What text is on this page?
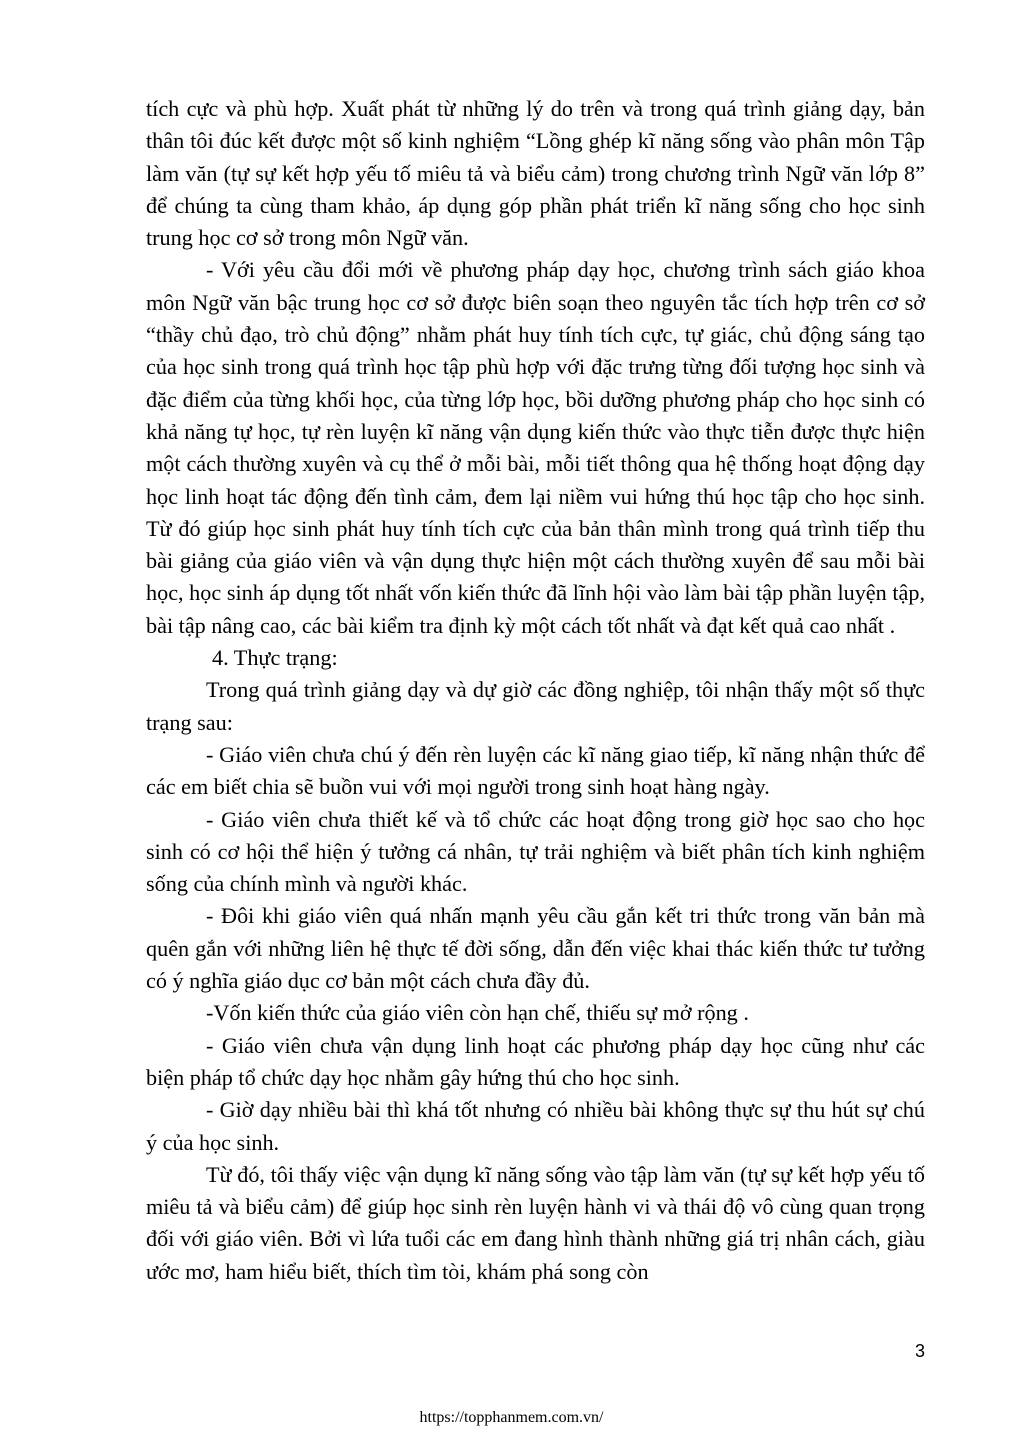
tích cực và phù hợp. Xuất phát từ những lý do trên và trong quá trình giảng dạy, bản thân tôi đúc kết được một số kinh nghiệm “Lồng ghép kĩ năng sống vào phân môn Tập làm văn (tự sự kết hợp yếu tố miêu tả và biểu cảm) trong chương trình Ngữ văn lớp 8” để chúng ta cùng tham khảo, áp dụng góp phần phát triển kĩ năng sống cho học sinh trung học cơ sở trong môn Ngữ văn.

- Với yêu cầu đổi mới về phương pháp dạy học, chương trình sách giáo khoa môn Ngữ văn bậc trung học cơ sở được biên soạn theo nguyên tắc tích hợp trên cơ sở “thầy chủ đạo, trò chủ động” nhằm phát huy tính tích cực, tự giác, chủ động sáng tạo của học sinh trong quá trình học tập phù hợp với đặc trưng từng đối tượng học sinh và đặc điểm của từng khối học, của từng lớp học, bồi dưỡng phương pháp cho học sinh có khả năng tự học, tự rèn luyện kĩ năng vận dụng kiến thức vào thực tiễn được thực hiện một cách thường xuyên và cụ thể ở mỗi bài, mỗi tiết thông qua hệ thống hoạt động dạy học linh hoạt tác động đến tình cảm, đem lại niềm vui hứng thú học tập cho học sinh. Từ đó giúp học sinh phát huy tính tích cực của bản thân mình trong quá trình tiếp thu bài giảng của giáo viên và vận dụng thực hiện một cách thường xuyên để sau mỗi bài học, học sinh áp dụng tốt nhất vốn kiến thức đã lĩnh hội vào làm bài tập phần luyện tập, bài tập nâng cao, các bài kiểm tra định kỳ một cách tốt nhất và đạt kết quả cao nhất .

4. Thực trạng:

Trong quá trình giảng dạy và dự giờ các đồng nghiệp, tôi nhận thấy một số thực trạng sau:

- Giáo viên chưa chú ý đến rèn luyện các kĩ năng giao tiếp, kĩ năng nhận thức để các em biết chia sẽ buồn vui với mọi người trong sinh hoạt hàng ngày.

- Giáo viên chưa thiết kế và tổ chức các hoạt động trong giờ học sao cho học sinh có cơ hội thể hiện ý tưởng cá nhân, tự trải nghiệm và biết phân tích kinh nghiệm sống của chính mình và người khác.

- Đôi khi giáo viên quá nhấn mạnh yêu cầu gắn kết tri thức trong văn bản mà quên gắn với những liên hệ thực tế đời sống, dẫn đến việc khai thác kiến thức tư tưởng có ý nghĩa giáo dục cơ bản một cách chưa đầy đủ.

-Vốn kiến thức của giáo viên còn hạn chế, thiếu sự mở rộng .

- Giáo viên chưa vận dụng linh hoạt các phương pháp dạy học cũng như các biện pháp tổ chức dạy học nhằm gây hứng thú cho học sinh.

- Giờ dạy nhiều bài thì khá tốt nhưng có nhiều bài không thực sự thu hút sự chú ý của học sinh.

Từ đó, tôi thấy việc vận dụng kĩ năng sống vào tập làm văn (tự sự kết hợp yếu tố miêu tả và biểu cảm) để giúp học sinh rèn luyện hành vi và thái độ vô cùng quan trọng đối với giáo viên. Bởi vì lứa tuổi các em đang hình thành những giá trị nhân cách, giàu ước mơ, ham hiểu biết, thích tìm tòi, khám phá song còn

3
https://topphanmem.com.vn/
